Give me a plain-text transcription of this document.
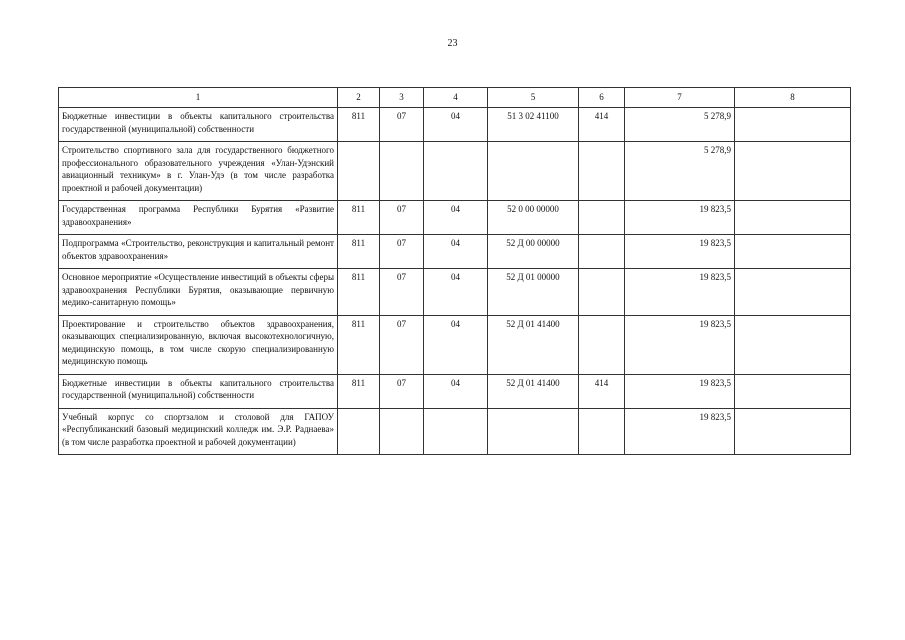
23
1	2	3	4	5	6	7	8
Бюджетные инвестиции в объекты капитального строительства государственной (муниципальной) собственности	811	07	04	51 3 02 41100	414	5 278,9	
Строительство спортивного зала для государственного бюджетного профессионального образовательного учреждения «Улан-Удэнский авиационный техникум» в г. Улан-Удэ (в том числе разработка проектной и рабочей документации)						5 278,9	
Государственная программа Республики Бурятия «Развитие здравоохранения»	811	07	04	52 0 00 00000		19 823,5	
Подпрограмма «Строительство, реконструкция и капитальный ремонт объектов здравоохранения»	811	07	04	52 Д 00 00000		19 823,5	
Основное мероприятие «Осуществление инвестиций в объекты сферы здравоохранения Республики Бурятия, оказывающие первичную медико-санитарную помощь»	811	07	04	52 Д 01 00000		19 823,5	
Проектирование и строительство объектов здравоохранения, оказывающих специализированную, включая высокотехнологичную, медицинскую помощь, в том числе скорую специализированную медицинскую помощь	811	07	04	52 Д 01 41400		19 823,5	
Бюджетные инвестиции в объекты капитального строительства государственной (муниципальной) собственности	811	07	04	52 Д 01 41400	414	19 823,5	
Учебный корпус со спортзалом и столовой для ГАПОУ «Республиканский базовый медицинский колледж им. Э.Р. Раднаева» (в том числе разработка проектной и рабочей документации)						19 823,5	
